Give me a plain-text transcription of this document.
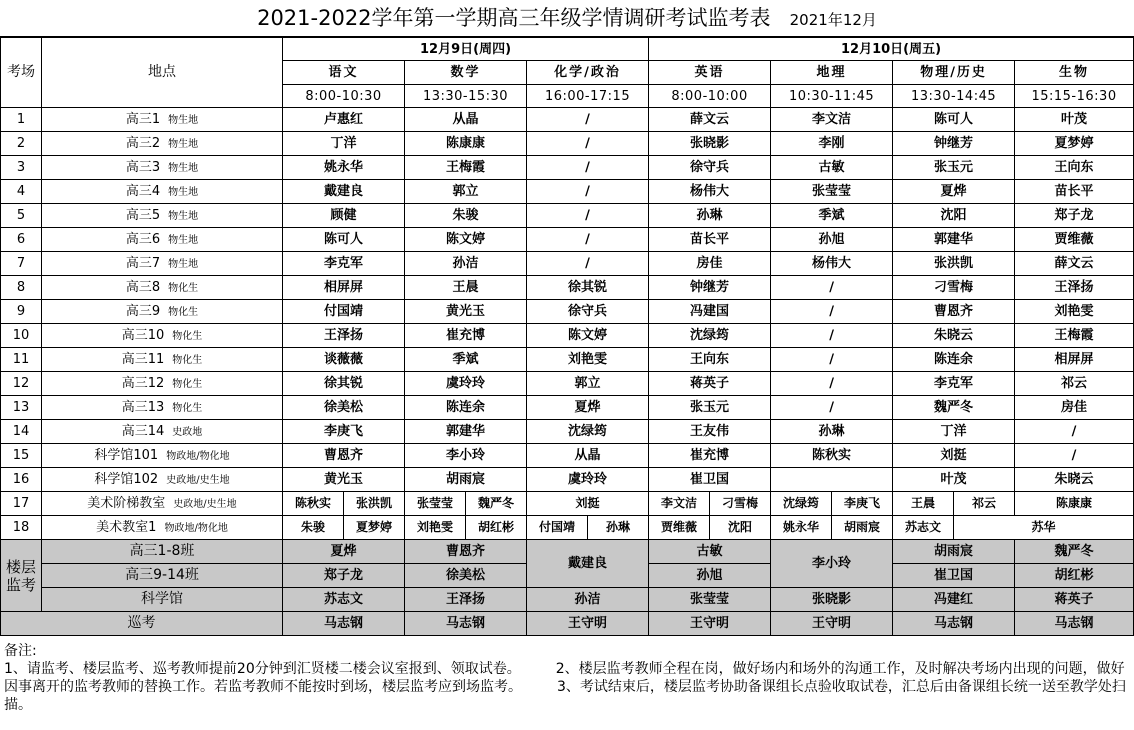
2021-2022学年第一学期高三年级学情调研考试监考表 2021年12月
考场	地点	12月9日(周四)						12月10日(周五)						
		语文		数学		化学/政治		英语		地理		物理/历史		生物
		8:00-10:30		13:30-15:30		16:00-17:15		8:00-10:00		10:30-11:45		13:30-14:45		15:15-16:30
1	高三1 物生地	卢惠红		从晶		/		薛文云		李文洁		陈可人		叶茂
2	高三2 物生地	丁洋		陈康康		/		张晓影		李刚		钟继芳		夏梦婷
3	高三3 物生地	姚永华		王梅霞		/		徐守兵		古敏		张玉元		王向东
4	高三4 物生地	戴建良		郭立		/		杨伟大		张莹莹		夏烨		苗长平
5	高三5 物生地	顾健		朱骏		/		孙琳		季斌		沈阳		郑子龙
6	高三6 物生地	陈可人		陈文婷		/		苗长平		孙旭		郭建华		贾维薇
7	高三7 物生地	李克军		孙洁		/		房佳		杨伟大		张洪凯		薛文云
8	高三8 物化生	相屏屏		王晨		徐其锐		钟继芳		/		刁雪梅		王泽扬
9	高三9 物化生	付国靖		黄光玉		徐守兵		冯建国		/		曹恩齐		刘艳雯
10	高三10 物化生	王泽扬		崔充博		陈文婷		沈绿筠		/		朱晓云		王梅霞
11	高三11 物化生	谈薇薇		季斌		刘艳雯		王向东		/		陈连余		相屏屏
12	高三12 物化生	徐其锐		虞玲玲		郭立		蒋英子		/		李克军		祁云
13	高三13 物化生	徐美松		陈连余		夏烨		张玉元		/		魏严冬		房佳
14	高三14 史政地	李庚飞		郭建华		沈绿筠		王友伟		孙琳		丁洋		/
15	科学馆101 物政地/物化地	曹恩齐		李小玲		从晶		崔充博		陈秋实		刘挺		/
16	科学馆102 史政地/史生地	黄光玉		胡雨宸		虞玲玲		崔卫国				叶茂		朱晓云
17	美术阶梯教室 史政地/史生地	陈秋实	张洪凯	张莹莹	魏严冬	刘挺		李文洁	刁雪梅	沈绿筠	李庚飞	王晨	祁云	陈康康
18	美术教室1 物政地/物化地	朱骏	夏梦婷	刘艳雯	胡红彬	付国靖	孙琳	贾维薇	沈阳	姚永华	胡雨宸	苏志文	苏华	
楼层监考	高三1-8班	夏烨		曹恩齐		戴建良		古敏		李小玲		胡雨宸		魏严冬
	高三9-14班	郑子龙		徐美松				孙旭				崔卫国		胡红彬
	科学馆	苏志文		王泽扬		孙洁		张莹莹		张晓影		冯建红		蒋英子
巡考		马志钢		马志钢		王守明		王守明		王守明		马志钢		马志钢
备注:
1、请监考、楼层监考、巡考教师提前20分钟到汇贤楼二楼会议室报到、领取试卷。　　　2、楼层监考教师全程在岗，做好场内和场外的沟通工作，及时解决考场内出现的问题，做好因事离开的监考教师的替换工作。若监考教师不能按时到场，楼层监考应到场监考。　　　3、考试结束后，楼层监考协助备课组长点验收取试卷，汇总后由备课组长统一送至教学处扫描。
